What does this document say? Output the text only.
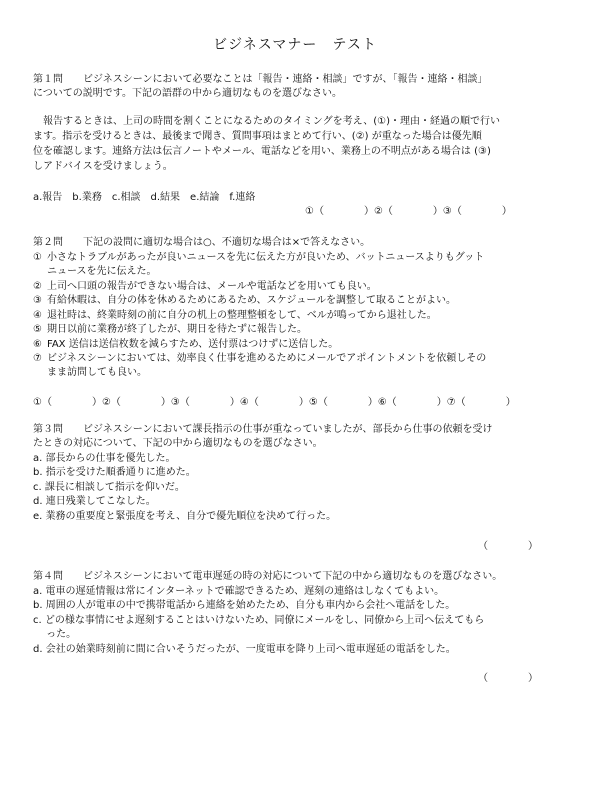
ビジネスマナー　テスト
第１問　　ビジネスシーンにおいて必要なことは「報告・連絡・相談」ですが、「報告・連絡・相談」
についての説明です。下記の語群の中から適切なものを選びなさい。
　報告するときは、上司の時間を割くことになるためのタイミングを考え、(①)・理由・経過の順で行い
ます。指示を受けるときは、最後まで聞き、質問事項はまとめて行い、(②) が重なった場合は優先順
位を確認します。連絡方法は伝言ノートやメール、電話などを用い、業務上の不明点がある場合は (③)
しアドバイスを受けましょう。
a.報告　b.業務　c.相談　d.結果　e.結論　f.連絡
①（　　　　）②（　　　　）③（　　　　）
第２問　　下記の設問に適切な場合は○、不適切な場合は×で答えなさい。
① 小さなトラブルがあったが良いニュースを先に伝えた方が良いため、バットニュースよりもグット
ニュースを先に伝えた。
② 上司へ口頭の報告ができない場合は、メールや電話などを用いても良い。
③ 有給休暇は、自分の体を休めるためにあるため、スケジュールを調整して取ることがよい。
④ 退社時は、終業時刻の前に自分の机上の整理整頓をして、ベルが鳴ってから退社した。
⑤ 期日以前に業務が終了したが、期日を待たずに報告した。
⑥ FAX 送信は送信枚数を減らすため、送付票はつけずに送信した。
⑦ ビジネスシーンにおいては、効率良く仕事を進めるためにメールでアポイントメントを依頼しその
まま訪問しても良い。
①（　　　　）②（　　　　）③（　　　　）④（　　　　）⑤（　　　　）⑥（　　　　）⑦（　　　　）
第３問　　ビジネスシーンにおいて課長指示の仕事が重なっていましたが、部長から仕事の依頼を受け
たときの対応について、下記の中から適切なものを選びなさい。
a. 部長からの仕事を優先した。
b. 指示を受けた順番通りに進めた。
c. 課長に相談して指示を仰いだ。
d. 連日残業してこなした。
e. 業務の重要度と緊張度を考え、自分で優先順位を決めて行った。
（　　　　）
第４問　　ビジネスシーンにおいて電車遅延の時の対応について下記の中から適切なものを選びなさい。
a. 電車の遅延情報は常にインターネットで確認できるため、遅刻の連絡はしなくてもよい。
b. 周囲の人が電車の中で携帯電話から連絡を始めたため、自分も車内から会社へ電話をした。
c. どの様な事情にせよ遅刻することはいけないため、同僚にメールをし、同僚から上司へ伝えてもら
　 った。
d. 会社の始業時刻前に間に合いそうだったが、一度電車を降り上司へ電車遅延の電話をした。
（　　　　）
